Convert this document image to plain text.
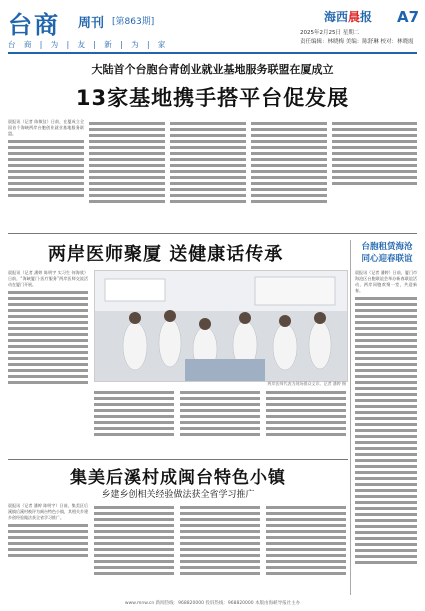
台商 周刊 [第863期]
台 商 | 为 | 友 | 新 | 为 | 家
海西晨报 A7
2025年2月25日 星期二
责任编辑：林晓梅 美编：陈舒琳 校对：林晓霞
大陆首个台胞台青创业就业基地服务联盟在厦成立
13家基地携手搭平台促发展

晨报讯（记者 陈敏仪）日前，在厦成立全国首个海峡两岸台胞创业就业基地服务联盟。

两岸医师聚厦 送健康话传承

晨报讯（记者 潘婷 陈明宇 实习生 何海欣）日前，“海峡厦门·医疗服务”两岸医师交流活动在厦门开展。

两岸医师代表为现场群众义诊。记者 潘婷 摄
台胞租赁海沧
同心迎春联谊

晨报讯（记者 潘婷）日前，厦门市海沧区台胞联谊会举办新春联谊活动，两岸同胞欢聚一堂，共迎新春。

集美后溪村成闽台特色小镇
乡建乡创相关经验做法获全省学习推广

晨报讯（记者 潘婷 陈明宇）日前，集美区后溪镇后溪村被评为闽台特色小镇，其相关乡建乡创经验做法获全省学习推广。

www.mnw.cn 新闻热线：968820000 投诉热线：968820000 本版由海峡导报社主办
